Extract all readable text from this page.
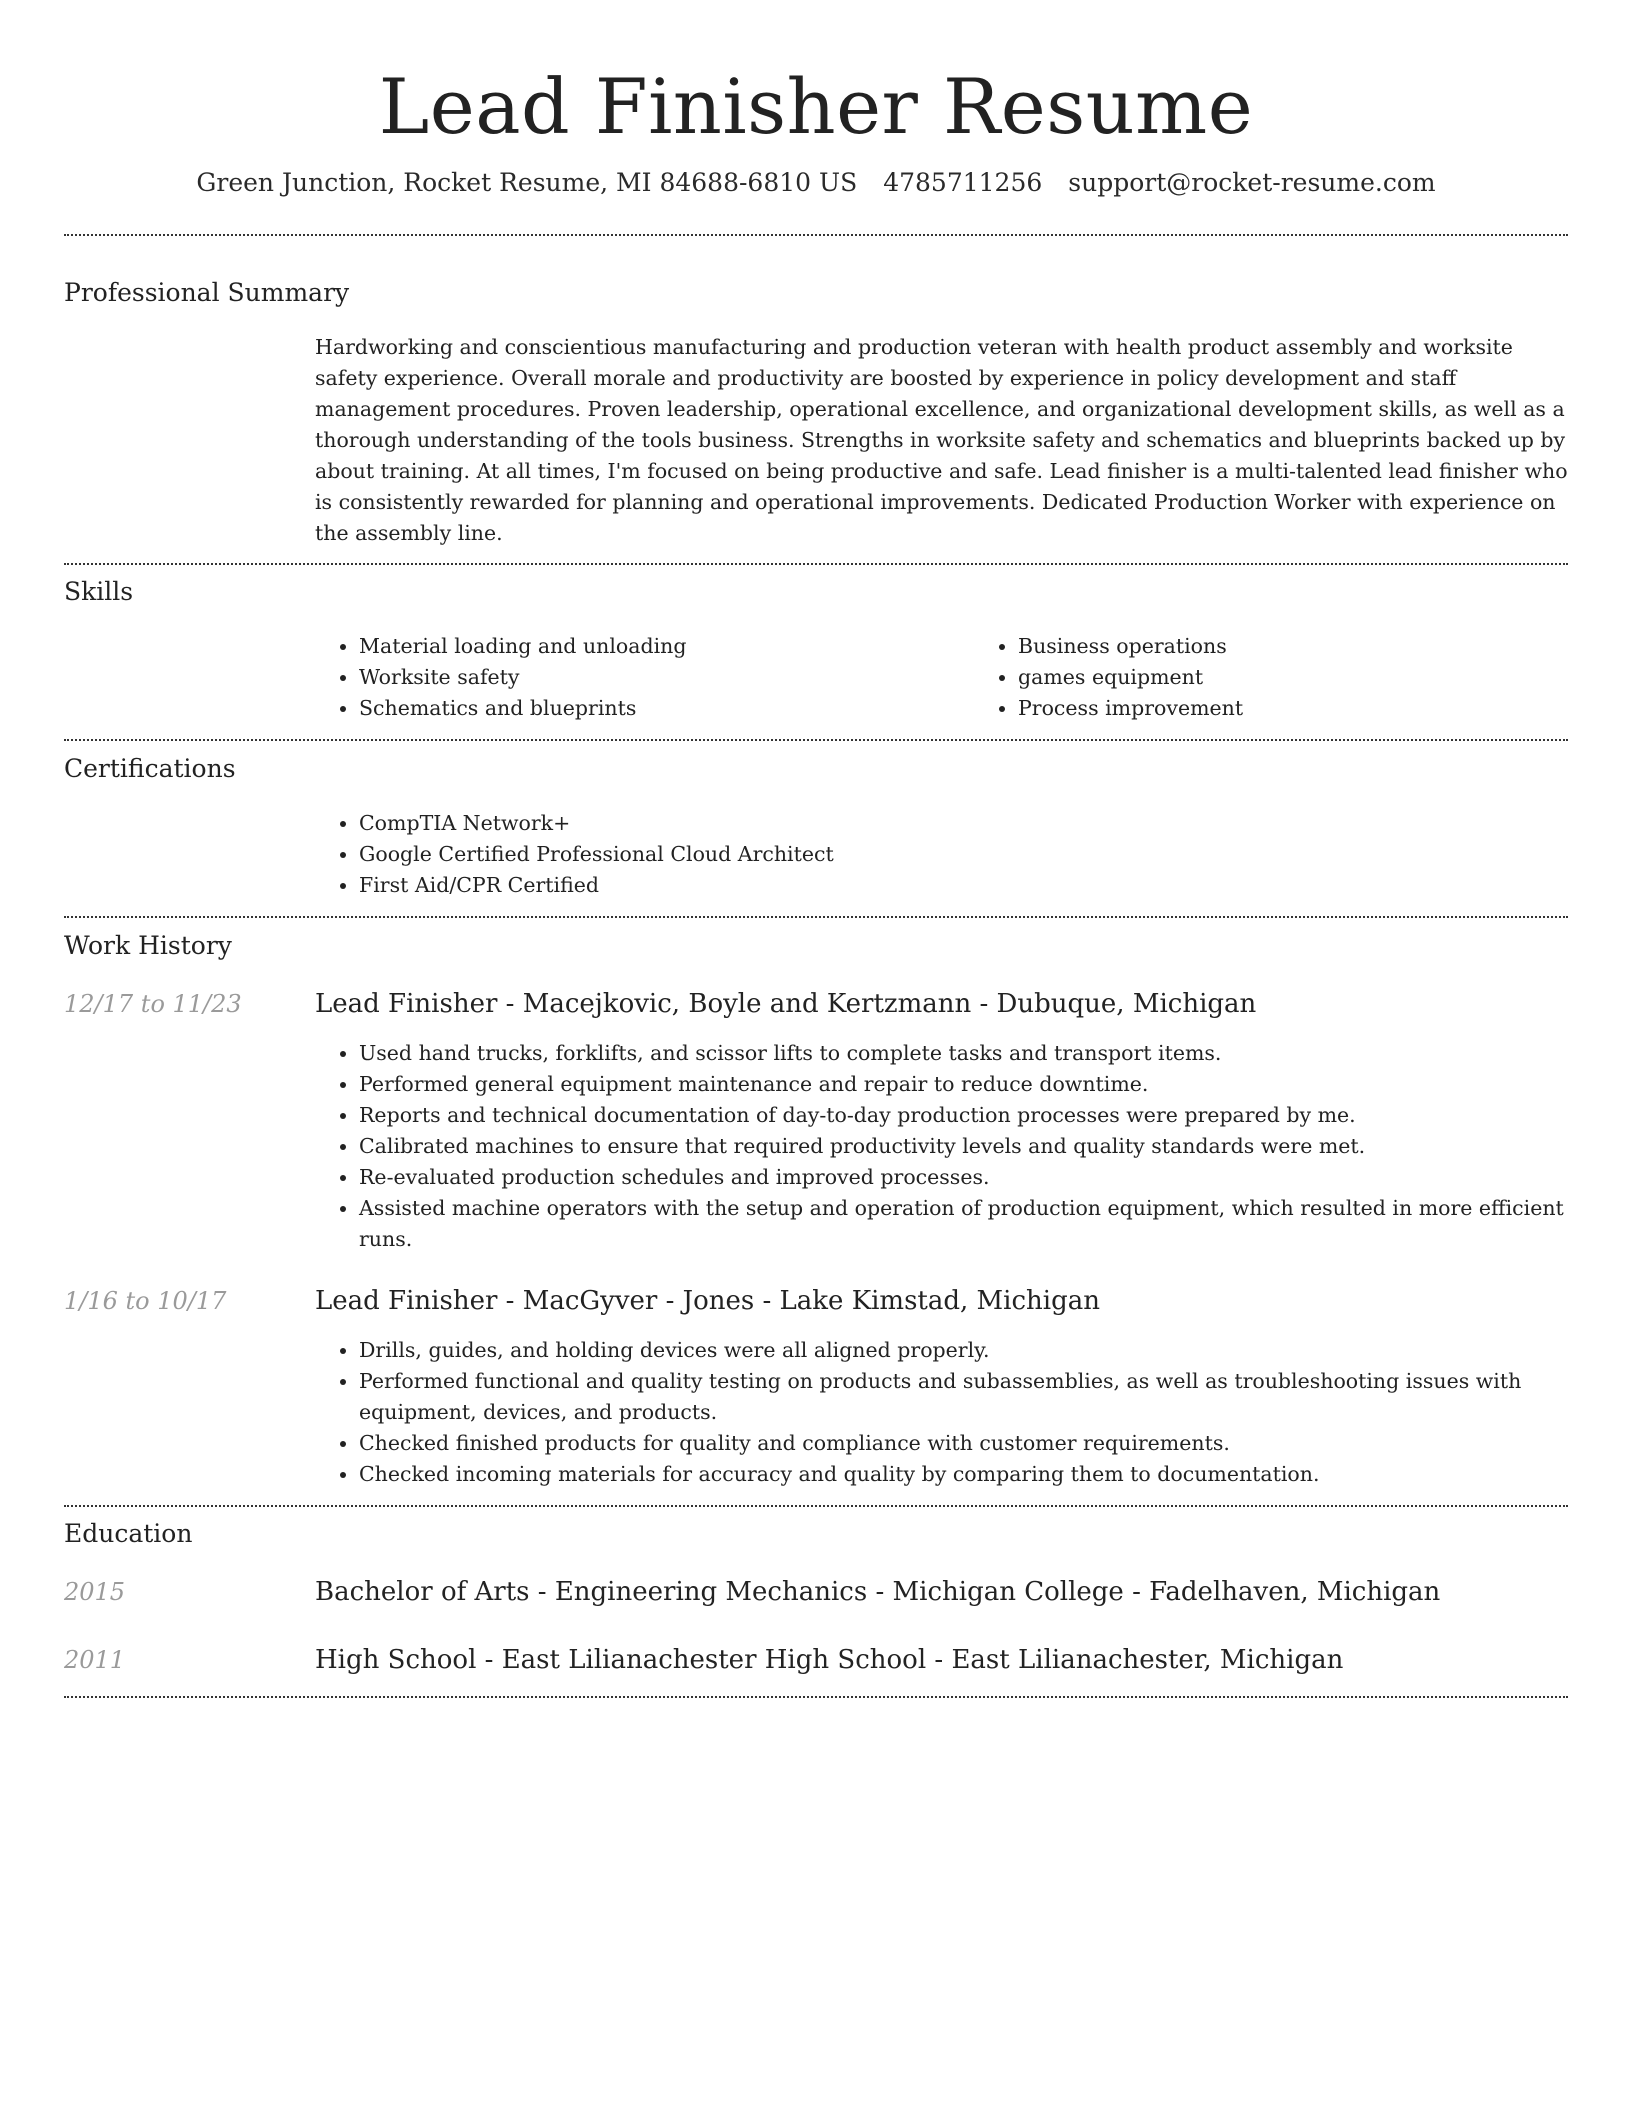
Lead Finisher Resume
Green Junction, Rocket Resume, MI 84688-6810 US 4785711256 support@rocket-resume.com
Professional Summary

Hardworking and conscientious manufacturing and production veteran with health product assembly and worksite safety experience. Overall morale and productivity are boosted by experience in policy development and staff management procedures. Proven leadership, operational excellence, and organizational development skills, as well as a thorough understanding of the tools business. Strengths in worksite safety and schematics and blueprints backed up by about training. At all times, I'm focused on being productive and safe. Lead finisher is a multi-talented lead finisher who is consistently rewarded for planning and operational improvements. Dedicated Production Worker with experience on the assembly line.

Skills
• Material loading and unloading
• Worksite safety
• Schematics and blueprints
• Business operations
• games equipment
• Process improvement
Certifications
• CompTIA Network+
• Google Certified Professional Cloud Architect
• First Aid/CPR Certified
Work History
12/17 to 11/23	Lead Finisher - Macejkovic, Boyle and Kertzmann - Dubuque, Michigan
• Used hand trucks, forklifts, and scissor lifts to complete tasks and transport items.
• Performed general equipment maintenance and repair to reduce downtime.
• Reports and technical documentation of day-to-day production processes were prepared by me.
• Calibrated machines to ensure that required productivity levels and quality standards were met.
• Re-evaluated production schedules and improved processes.
• Assisted machine operators with the setup and operation of production equipment, which resulted in more efficient runs.
1/16 to 10/17	Lead Finisher - MacGyver - Jones - Lake Kimstad, Michigan
• Drills, guides, and holding devices were all aligned properly.
• Performed functional and quality testing on products and subassemblies, as well as troubleshooting issues with equipment, devices, and products.
• Checked finished products for quality and compliance with customer requirements.
• Checked incoming materials for accuracy and quality by comparing them to documentation.
Education
2015	Bachelor of Arts - Engineering Mechanics - Michigan College - Fadelhaven, Michigan
2011	High School - East Lilianachester High School - East Lilianachester, Michigan
